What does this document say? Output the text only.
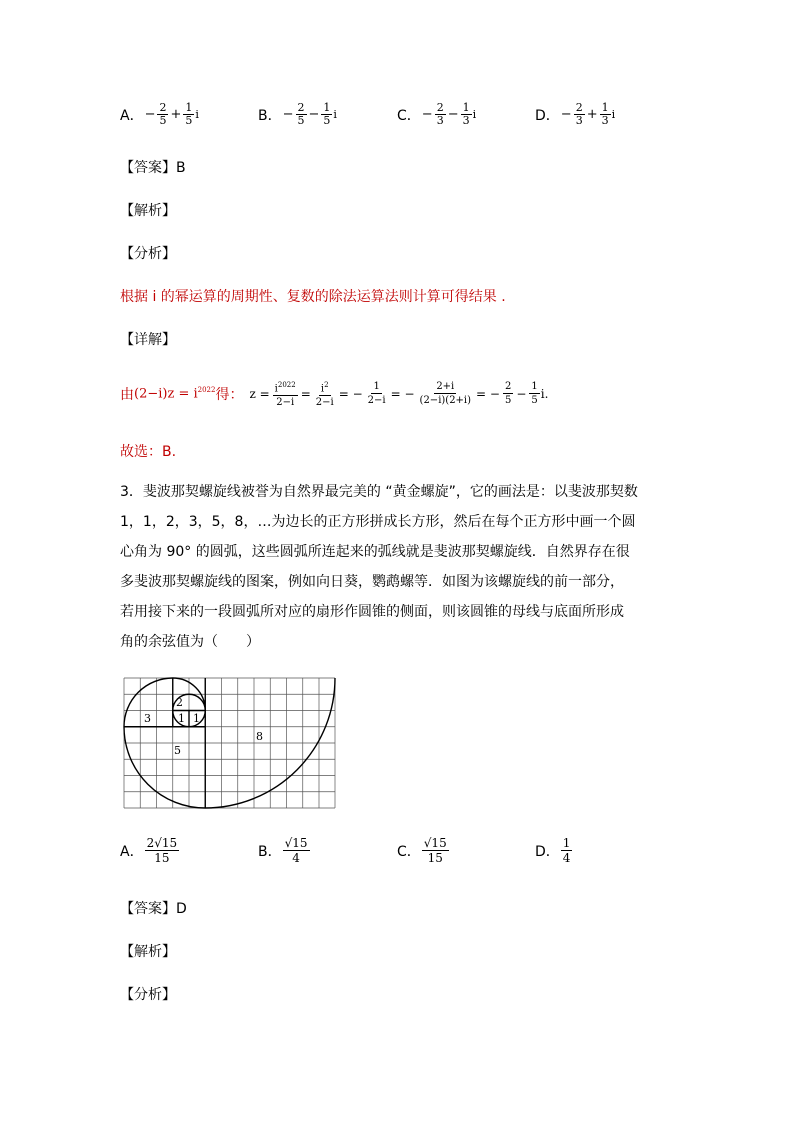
A． − $\frac{2}{5} + \frac{1}{5}$ i	B． − $\frac{2}{5} - \frac{1}{5}$ i	C． − $\frac{2}{3} - \frac{1}{3}$ i	D． − $\frac{2}{3} + \frac{1}{3}$ i
【答案】B
【解析】
【分析】
根据 i 的幂运算的周期性、复数的除法运算法则计算可得结果 .
【详解】
由 $(2-i)z = i^{2022}$ 得： $z = \frac{i^{2022}}{2-i} = \frac{i^2}{2-i}$ = − $\frac{1}{2-i}$ = − $\frac{2+i}{(2-i)(2+i)}$ = − $\frac{2}{5} - \frac{1}{5} i$.
故选：B.
3．斐波那契螺旋线被誉为自然界最完美的 “黄金螺旋”，它的画法是：以斐波那契数
1，1，2，3，5，8，…为边长的正方形拼成长方形，然后在每个正方形中画一个圆
心角为 90° 的圆弧，这些圆弧所连起来的弧线就是斐波那契螺旋线．自然界存在很
多斐波那契螺旋线的图案，例如向日葵，鹦鹉螺等．如图为该螺旋线的前一部分，
若用接下来的一段圆弧所对应的扇形作圆锥的侧面，则该圆锥的母线与底面所形成
角的余弦值为（　　）
2
1 1
3
5
8
A． $\frac{2√15}{15}$	B． $\frac{√15}{4}$	C． $\frac{√15}{15}$	D． $\frac{1}{4}$
【答案】D
【解析】
【分析】
